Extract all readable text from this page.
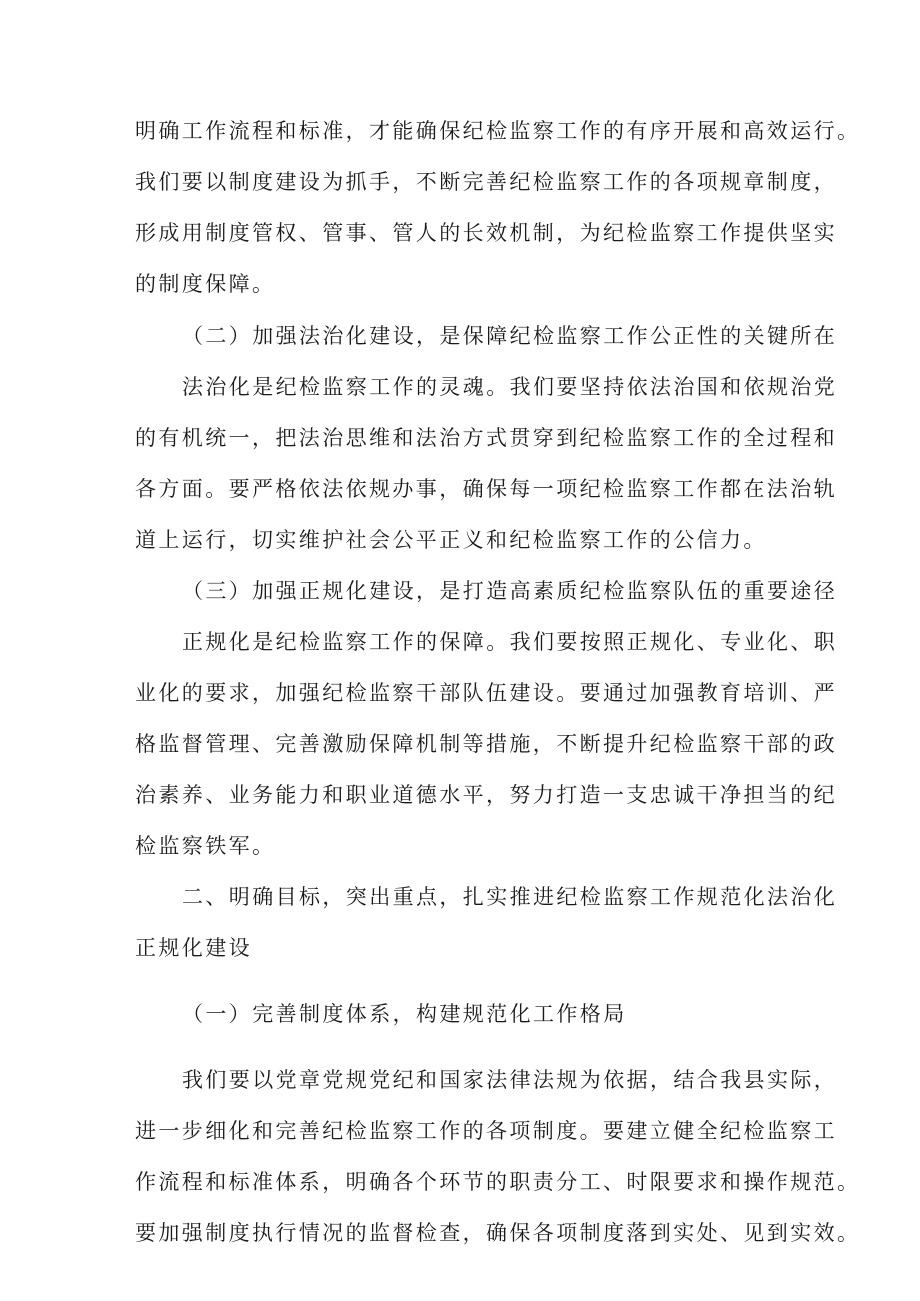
明确工作流程和标准，才能确保纪检监察工作的有序开展和高效运行。
我们要以制度建设为抓手，不断完善纪检监察工作的各项规章制度，
形成用制度管权、管事、管人的长效机制，为纪检监察工作提供坚实
的制度保障。
（二）加强法治化建设，是保障纪检监察工作公正性的关键所在
法治化是纪检监察工作的灵魂。我们要坚持依法治国和依规治党
的有机统一，把法治思维和法治方式贯穿到纪检监察工作的全过程和
各方面。要严格依法依规办事，确保每一项纪检监察工作都在法治轨
道上运行，切实维护社会公平正义和纪检监察工作的公信力。
（三）加强正规化建设，是打造高素质纪检监察队伍的重要途径
正规化是纪检监察工作的保障。我们要按照正规化、专业化、职
业化的要求，加强纪检监察干部队伍建设。要通过加强教育培训、严
格监督管理、完善激励保障机制等措施，不断提升纪检监察干部的政
治素养、业务能力和职业道德水平，努力打造一支忠诚干净担当的纪
检监察铁军。
二、明确目标，突出重点，扎实推进纪检监察工作规范化法治化
正规化建设
（一）完善制度体系，构建规范化工作格局
我们要以党章党规党纪和国家法律法规为依据，结合我县实际，
进一步细化和完善纪检监察工作的各项制度。要建立健全纪检监察工
作流程和标准体系，明确各个环节的职责分工、时限要求和操作规范。
要加强制度执行情况的监督检查，确保各项制度落到实处、见到实效。
